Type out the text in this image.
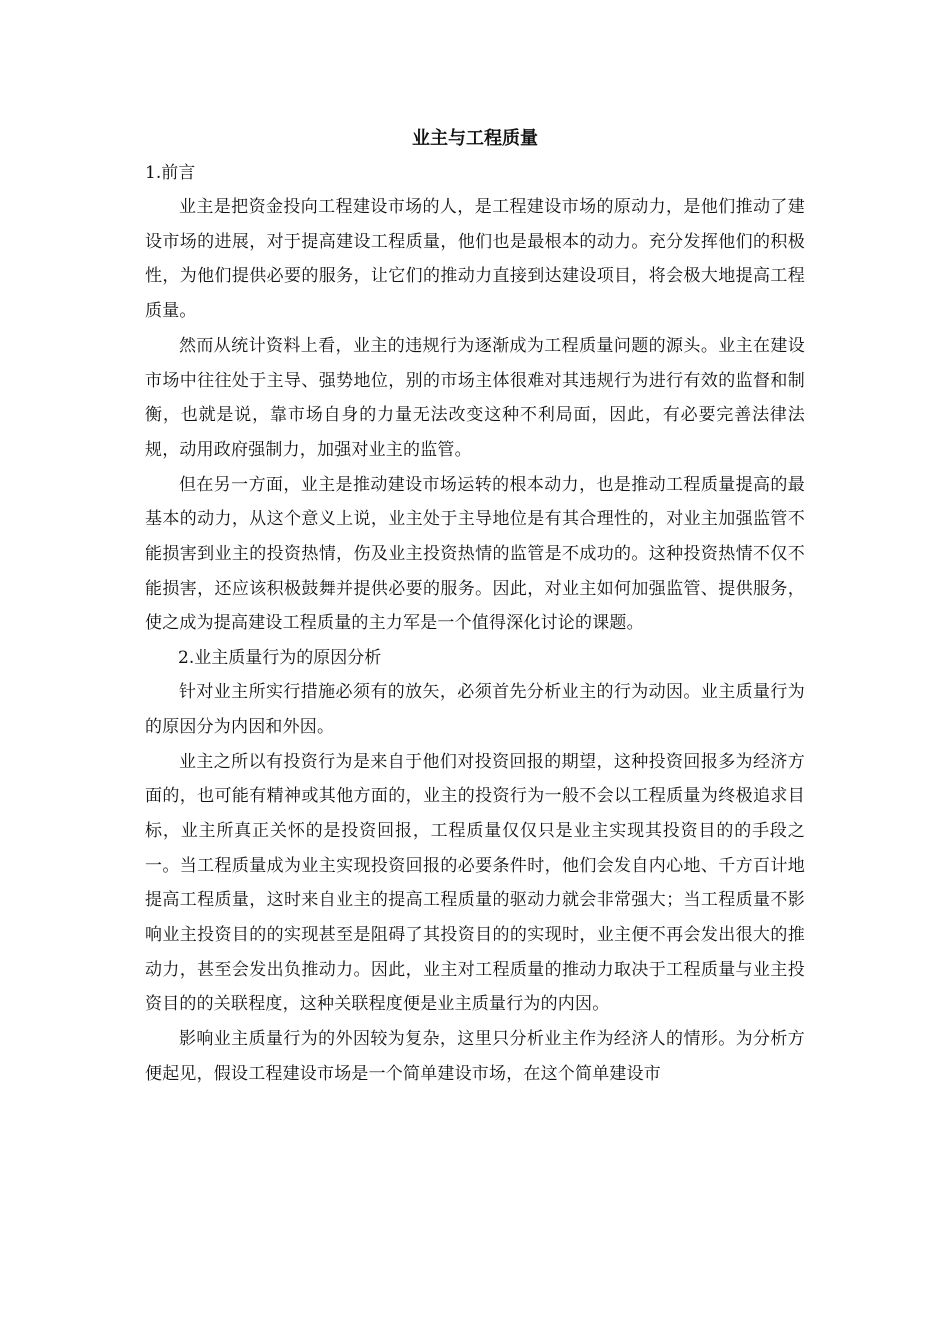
业主与工程质量

1.前言

业主是把资金投向工程建设市场的人，是工程建设市场的原动力，是他们推动了建设市场的进展，对于提高建设工程质量，他们也是最根本的动力。充分发挥他们的积极性，为他们提供必要的服务，让它们的推动力直接到达建设项目，将会极大地提高工程质量。

然而从统计资料上看，业主的违规行为逐渐成为工程质量问题的源头。业主在建设市场中往往处于主导、强势地位，别的市场主体很难对其违规行为进行有效的监督和制衡，也就是说，靠市场自身的力量无法改变这种不利局面，因此，有必要完善法律法规，动用政府强制力，加强对业主的监管。

但在另一方面，业主是推动建设市场运转的根本动力，也是推动工程质量提高的最基本的动力，从这个意义上说，业主处于主导地位是有其合理性的，对业主加强监管不能损害到业主的投资热情，伤及业主投资热情的监管是不成功的。这种投资热情不仅不能损害，还应该积极鼓舞并提供必要的服务。因此，对业主如何加强监管、提供服务，使之成为提高建设工程质量的主力军是一个值得深化讨论的课题。

2.业主质量行为的原因分析

针对业主所实行措施必须有的放矢，必须首先分析业主的行为动因。业主质量行为的原因分为内因和外因。

业主之所以有投资行为是来自于他们对投资回报的期望，这种投资回报多为经济方面的，也可能有精神或其他方面的，业主的投资行为一般不会以工程质量为终极追求目标，业主所真正关怀的是投资回报，工程质量仅仅只是业主实现其投资目的的手段之一。当工程质量成为业主实现投资回报的必要条件时，他们会发自内心地、千方百计地提高工程质量，这时来自业主的提高工程质量的驱动力就会非常强大；当工程质量不影响业主投资目的的实现甚至是阻碍了其投资目的的实现时，业主便不再会发出很大的推动力，甚至会发出负推动力。因此，业主对工程质量的推动力取决于工程质量与业主投资目的的关联程度，这种关联程度便是业主质量行为的内因。

影响业主质量行为的外因较为复杂，这里只分析业主作为经济人的情形。为分析方便起见，假设工程建设市场是一个简单建设市场，在这个简单建设市
